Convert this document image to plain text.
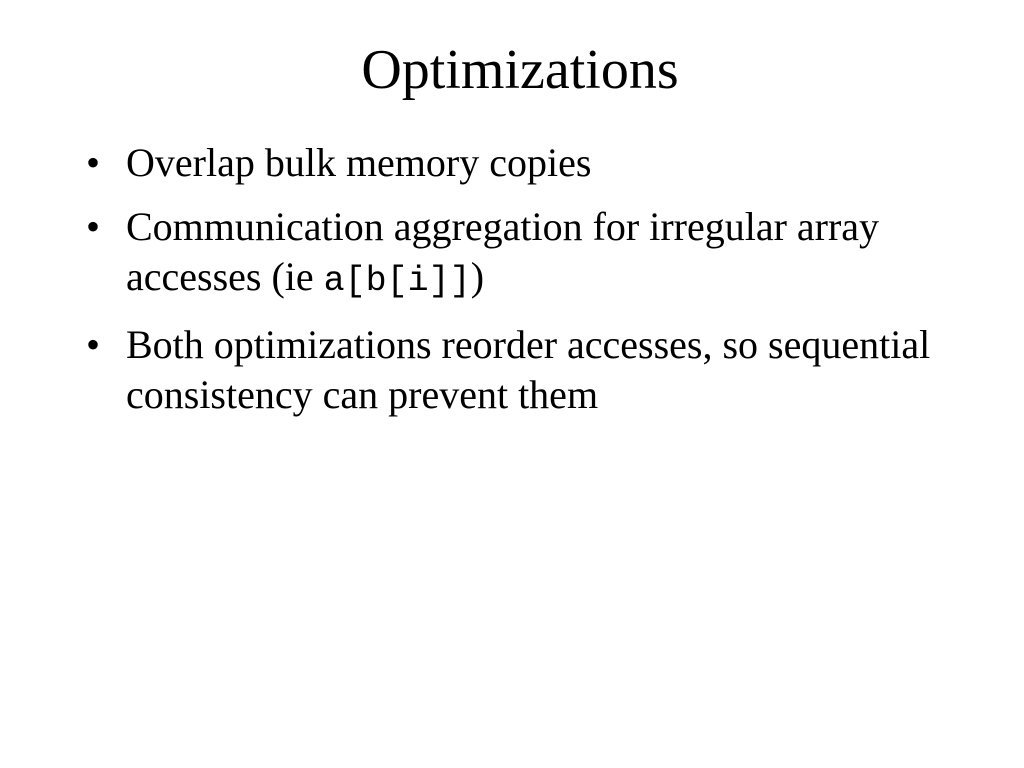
Optimizations
• Overlap bulk memory copies
• Communication aggregation for irregular array accesses (ie a[b[i]])
• Both optimizations reorder accesses, so sequential consistency can prevent them
